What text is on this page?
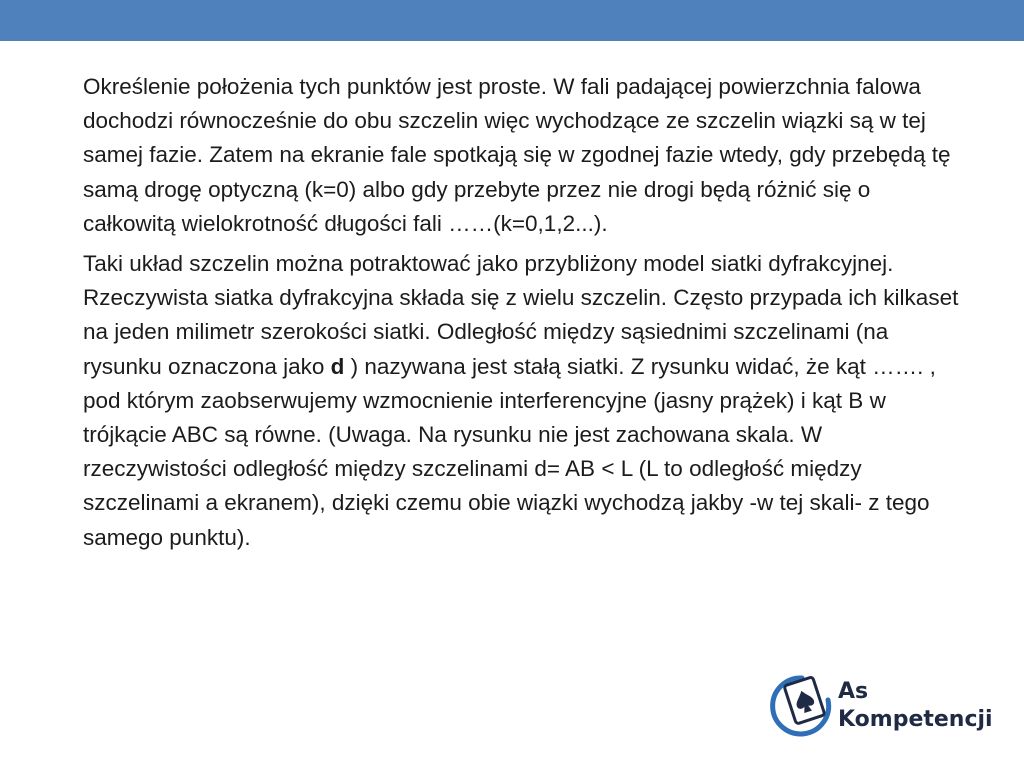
Określenie położenia tych punktów jest proste. W fali padającej powierzchnia falowa dochodzi równocześnie do obu szczelin więc wychodzące ze szczelin wiązki są w tej samej fazie. Zatem na ekranie fale spotkają się w zgodnej fazie wtedy, gdy przebędą tę samą drogę optyczną (k=0) albo gdy przebyte przez nie drogi będą różnić się o całkowitą wielokrotność długości fali ……(k=0,1,2...).

Taki układ szczelin można potraktować jako przybliżony model siatki dyfrakcyjnej. Rzeczywista siatka dyfrakcyjna składa się z wielu szczelin. Często przypada ich kilkaset na jeden milimetr szerokości siatki. Odległość między sąsiednimi szczelinami (na rysunku oznaczona jako d ) nazywana jest stałą siatki. Z rysunku widać, że kąt ……. , pod którym zaobserwujemy wzmocnienie interferencyjne (jasny prążek) i kąt B w trójkącie ABC są równe. (Uwaga. Na rysunku nie jest zachowana skala. W rzeczywistości odległość między szczelinami d= AB < L (L to odległość między szczelinami a ekranem), dzięki czemu obie wiązki wychodzą jakby -w tej skali- z tego samego punktu).

As
Kompetencji
